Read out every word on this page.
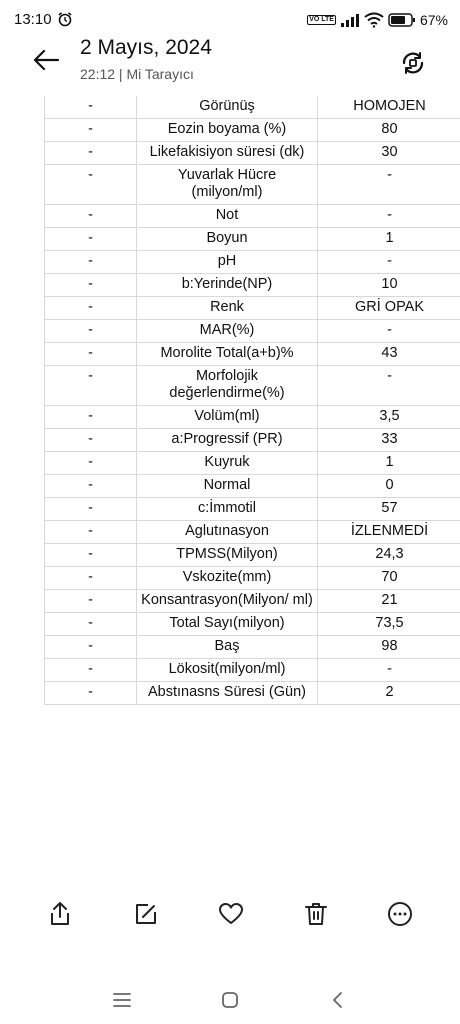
13:10	VO LTE	67%
2 Mayıs, 2024
22:12 | Mi Tarayıcı
-	Görünüş	HOMOJEN
-	Eozin boyama (%)	80
-	Likefakisiyon süresi (dk)	30
-	Yuvarlak Hücre (milyon/ml)	-
-	Not	-
-	Boyun	1
-	pH	-
-	b:Yerinde(NP)	10
-	Renk	GRİ OPAK
-	MAR(%)	-
-	Morolite Total(a+b)%	43
-	Morfolojik değerlendirme(%)	-
-	Volüm(ml)	3,5
-	a:Progressif (PR)	33
-	Kuyruk	1
-	Normal	0
-	c:İmmotil	57
-	Aglutınasyon	İZLENMEDİ
-	TPMSS(Milyon)	24,3
-	Vskozite(mm)	70
-	Konsantrasyon(Milyon/ ml)	21
-	Total Sayı(milyon)	73,5
-	Baş	98
-	Lökosit(milyon/ml)	-
-	Abstınasns Süresi (Gün)	2
